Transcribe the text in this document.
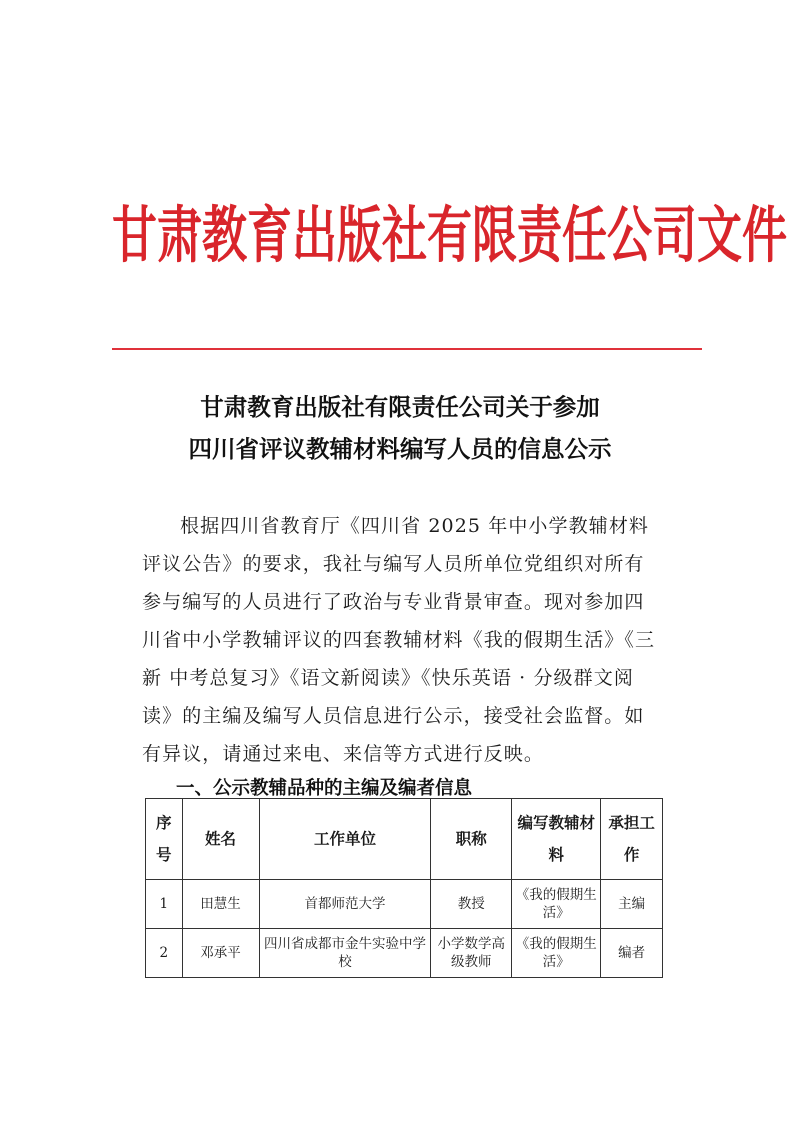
甘肃教育出版社有限责任公司文件
甘肃教育出版社有限责任公司关于参加
四川省评议教辅材料编写人员的信息公示

根据四川省教育厅《四川省 2025 年中小学教辅材料评议公告》的要求，我社与编写人员所单位党组织对所有参与编写的人员进行了政治与专业背景审查。现对参加四川省中小学教辅评议的四套教辅材料《我的假期生活》《三新 中考总复习》《语文新阅读》《快乐英语 · 分级群文阅读》的主编及编写人员信息进行公示，接受社会监督。如有异议，请通过来电、来信等方式进行反映。

一、公示教辅品种的主编及编者信息
序号	姓名	工作单位	职称	编写教辅材料	承担工作
1	田慧生	首都师范大学	教授	《我的假期生活》	主编
2	邓承平	四川省成都市金牛实验中学校	小学数学高级教师	《我的假期生活》	编者
